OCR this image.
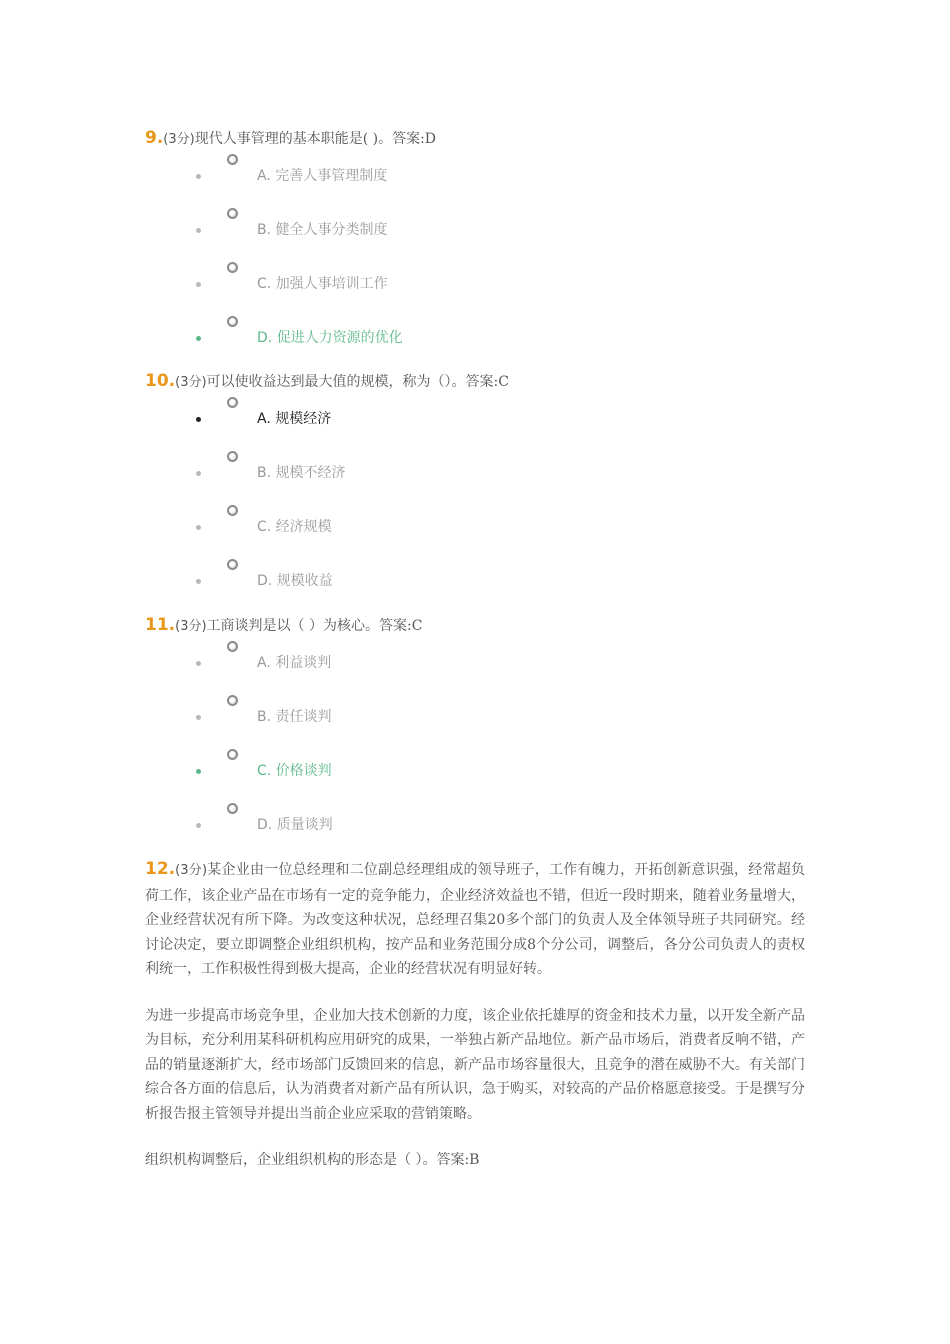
9.(3分)现代人事管理的基本职能是( )。答案:D
A. 完善人事管理制度
B. 健全人事分类制度
C. 加强人事培训工作
D. 促进人力资源的优化
10.(3分)可以使收益达到最大值的规模，称为（）。答案:C
A. 规模经济
B. 规模不经济
C. 经济规模
D. 规模收益
11.(3分)工商谈判是以（ ）为核心。答案:C
A. 利益谈判
B. 责任谈判
C. 价格谈判
D. 质量谈判

12.(3分)某企业由一位总经理和二位副总经理组成的领导班子，工作有魄力，开拓创新意识强，经常超负荷工作，该企业产品在市场有一定的竞争能力，企业经济效益也不错，但近一段时期来，随着业务量增大，企业经营状况有所下降。为改变这种状况，总经理召集20多个部门的负责人及全体领导班子共同研究。经讨论决定，要立即调整企业组织机构，按产品和业务范围分成8个分公司，调整后，各分公司负责人的责权利统一，工作积极性得到极大提高，企业的经营状况有明显好转。

为进一步提高市场竞争里，企业加大技术创新的力度，该企业依托雄厚的资金和技术力量，以开发全新产品为目标，充分利用某科研机构应用研究的成果，一举独占新产品地位。新产品市场后，消费者反响不错，产品的销量逐渐扩大，经市场部门反馈回来的信息，新产品市场容量很大，且竞争的潜在威胁不大。有关部门综合各方面的信息后，认为消费者对新产品有所认识，急于购买，对较高的产品价格愿意接受。于是撰写分析报告报主管领导并提出当前企业应采取的营销策略。

组织机构调整后，企业组织机构的形态是（ ）。答案:B
